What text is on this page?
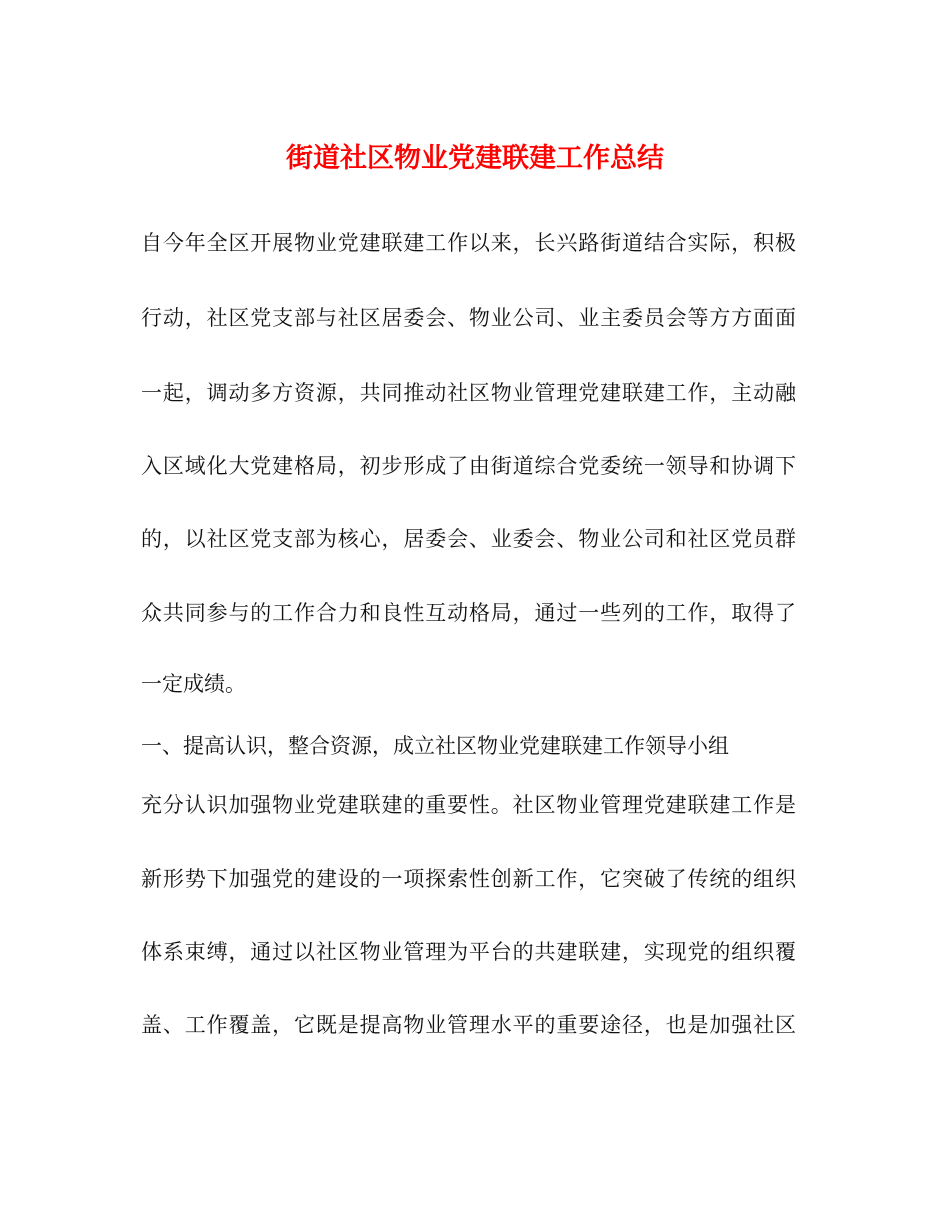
街道社区物业党建联建工作总结
自今年全区开展物业党建联建工作以来，长兴路街道结合实际，积极
行动，社区党支部与社区居委会、物业公司、业主委员会等方方面面
一起，调动多方资源，共同推动社区物业管理党建联建工作，主动融
入区域化大党建格局，初步形成了由街道综合党委统一领导和协调下
的，以社区党支部为核心，居委会、业委会、物业公司和社区党员群
众共同参与的工作合力和良性互动格局，通过一些列的工作，取得了
一定成绩。
一、提高认识，整合资源，成立社区物业党建联建工作领导小组
充分认识加强物业党建联建的重要性。社区物业管理党建联建工作是
新形势下加强党的建设的一项探索性创新工作，它突破了传统的组织
体系束缚，通过以社区物业管理为平台的共建联建，实现党的组织覆
盖、工作覆盖，它既是提高物业管理水平的重要途径，也是加强社区
